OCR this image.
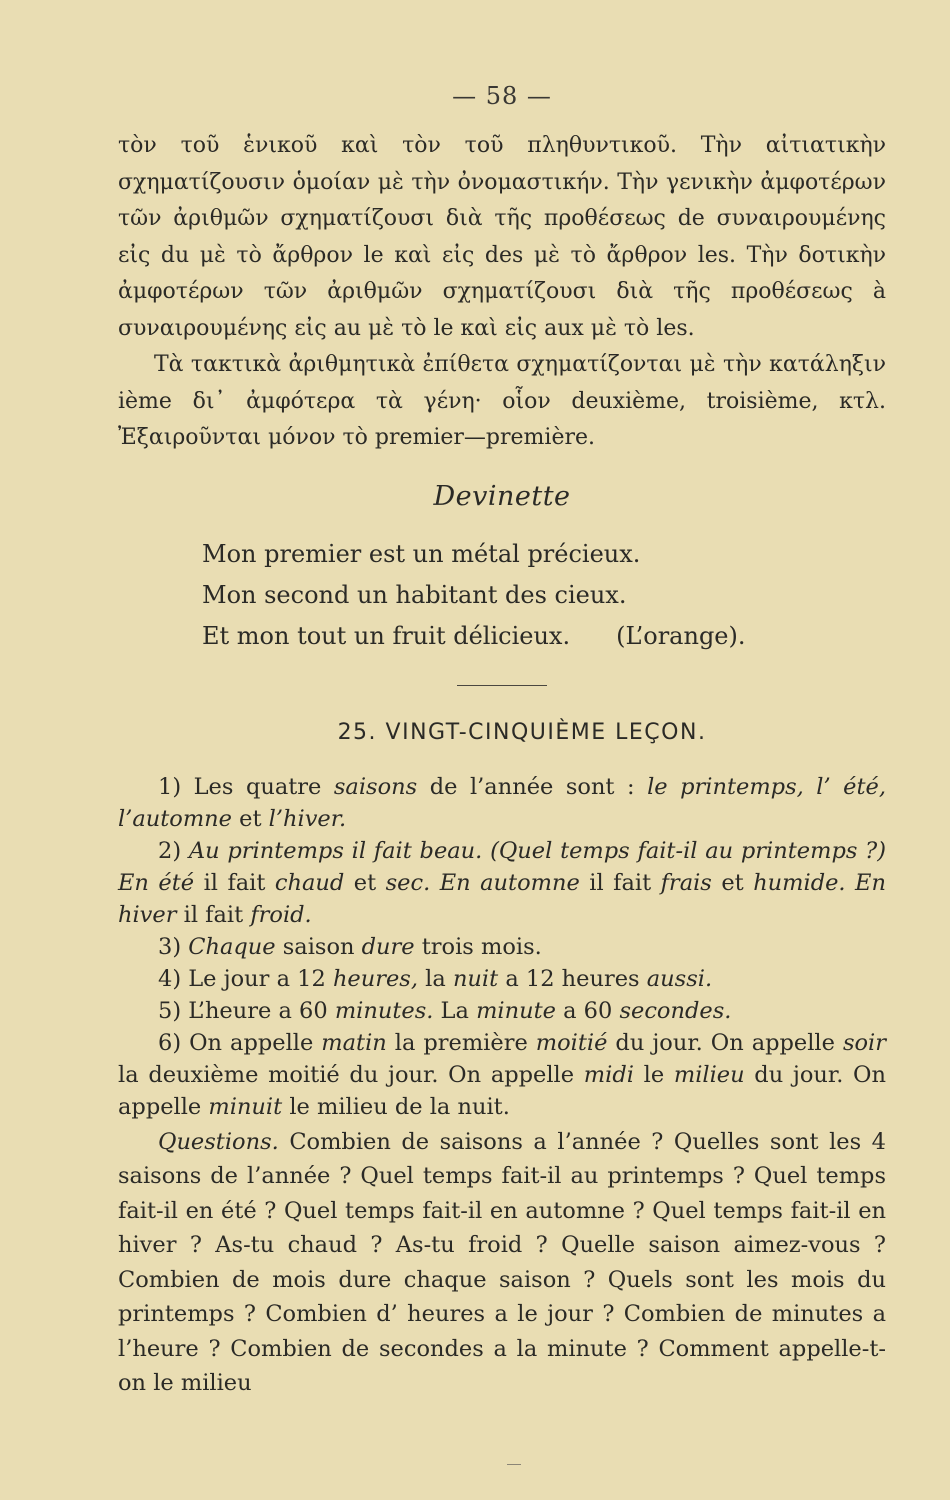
— 58 —

τὸν τοῦ ἑνικοῦ καὶ τὸν τοῦ πληθυντικοῦ. Τὴν αἰτιατικὴν σχηματίζουσιν ὁμοίαν μὲ τὴν ὀνομαστικήν. Τὴν γενικὴν ἀμφοτέρων τῶν ἀριθμῶν σχηματίζουσι διὰ τῆς προθέσεως de συναιρουμένης εἰς du μὲ τὸ ἄρθρον le καὶ εἰς des μὲ τὸ ἄρθρον les. Τὴν δοτικὴν ἀμφοτέρων τῶν ἀριθμῶν σχηματίζουσι διὰ τῆς προθέσεως à συναιρουμένης εἰς au μὲ τὸ le καὶ εἰς aux μὲ τὸ les.

Τὰ τακτικὰ ἀριθμητικὰ ἐπίθετα σχηματίζονται μὲ τὴν κατάληξιν ième δι᾽ ἀμφότερα τὰ γένη· οἷον deuxième, troisième, κτλ. Ἐξαιροῦνται μόνον τὸ premier—première.

Devinette
Mon premier est un métal précieux.
Mon second un habitant des cieux.
Et mon tout un fruit délicieux. (L’orange).
25. VINGT-CINQUIÈME LEÇON.

1) Les quatre saisons de l’année sont : le printemps, l’ été, l’automne et l’hiver.

2) Au printemps il fait beau. (Quel temps fait-il au printemps ?) En été il fait chaud et sec. En automne il fait frais et humide. En hiver il fait froid.

3) Chaque saison dure trois mois.

4) Le jour a 12 heures, la nuit a 12 heures aussi.

5) L’heure a 60 minutes. La minute a 60 secondes.

6) On appelle matin la première moitié du jour. On appelle soir la deuxième moitié du jour. On appelle midi le milieu du jour. On appelle minuit le milieu de la nuit.

Questions. Combien de saisons a l’année ? Quelles sont les 4 saisons de l’année ? Quel temps fait-il au printemps ? Quel temps fait-il en été ? Quel temps fait-il en automne ? Quel temps fait-il en hiver ? As-tu chaud ? As-tu froid ? Quelle saison aimez-vous ? Combien de mois dure chaque saison ? Quels sont les mois du printemps ? Combien d’ heures a le jour ? Combien de minutes a l’heure ? Combien de secondes a la minute ? Comment appelle-t-on le milieu
